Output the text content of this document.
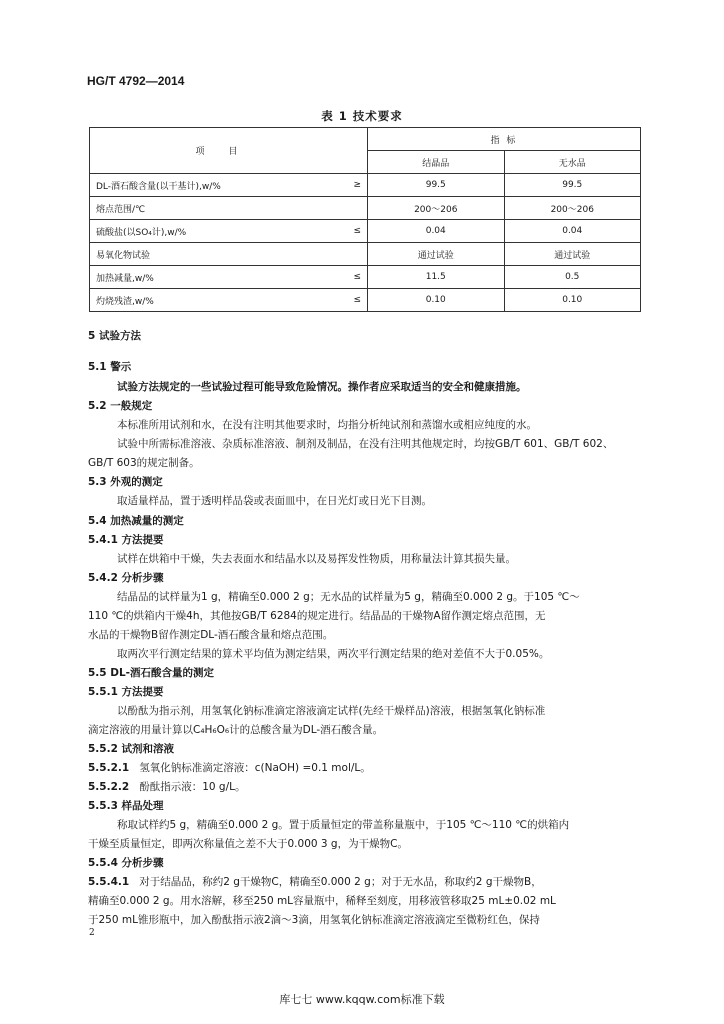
HG/T 4792—2014
表 1 技术要求
项目	指 标	
	结晶品	无水品
DL-酒石酸含量(以干基计),w/% ≥	99.5	99.5
熔点范围/℃	200～206	200～206
硫酸盐(以SO₄计),w/% ≤	0.04	0.04
易氧化物试验	通过试验	通过试验
加热减量,w/% ≤	11.5	0.5
灼烧残渣,w/% ≤	0.10	0.10
5 试验方法
5.1 警示
试验方法规定的一些试验过程可能导致危险情况。操作者应采取适当的安全和健康措施。
5.2 一般规定
本标准所用试剂和水，在没有注明其他要求时，均指分析纯试剂和蒸馏水或相应纯度的水。
试验中所需标准溶液、杂质标准溶液、制剂及制品，在没有注明其他规定时，均按GB/T 601、GB/T 602、
GB/T 603的规定制备。
5.3 外观的测定
取适量样品，置于透明样品袋或表面皿中，在日光灯或日光下目测。
5.4 加热减量的测定
5.4.1 方法提要
试样在烘箱中干燥，失去表面水和结晶水以及易挥发性物质，用称量法计算其损失量。
5.4.2 分析步骤
结晶品的试样量为1 g，精确至0.000 2 g；无水品的试样量为5 g，精确至0.000 2 g。于105 ℃～
110 ℃的烘箱内干燥4h，其他按GB/T 6284的规定进行。结晶品的干燥物A留作测定熔点范围，无
水品的干燥物B留作测定DL-酒石酸含量和熔点范围。
取两次平行测定结果的算术平均值为测定结果，两次平行测定结果的绝对差值不大于0.05%。
5.5 DL-酒石酸含量的测定
5.5.1 方法提要
以酚酞为指示剂，用氢氧化钠标准滴定溶液滴定试样(先经干燥样品)溶液，根据氢氧化钠标准
滴定溶液的用量计算以C₄H₆O₆计的总酸含量为DL-酒石酸含量。
5.5.2 试剂和溶液
5.5.2.1 氢氧化钠标准滴定溶液：c(NaOH) =0.1 mol/L。
5.5.2.2 酚酞指示液：10 g/L。
5.5.3 样品处理
称取试样约5 g，精确至0.000 2 g。置于质量恒定的带盖称量瓶中，于105 ℃～110 ℃的烘箱内
干燥至质量恒定，即两次称量值之差不大于0.000 3 g，为干燥物C。
5.5.4 分析步骤
5.5.4.1 对于结晶品，称约2 g干燥物C，精确至0.000 2 g；对于无水品，称取约2 g干燥物B，
精确至0.000 2 g。用水溶解，移至250 mL容量瓶中，稀释至刻度，用移液管移取25 mL±0.02 mL
于250 mL锥形瓶中，加入酚酞指示液2滴～3滴，用氢氧化钠标准滴定溶液滴定至微粉红色，保持
2
库七七 www.kqqw.com标准下载
